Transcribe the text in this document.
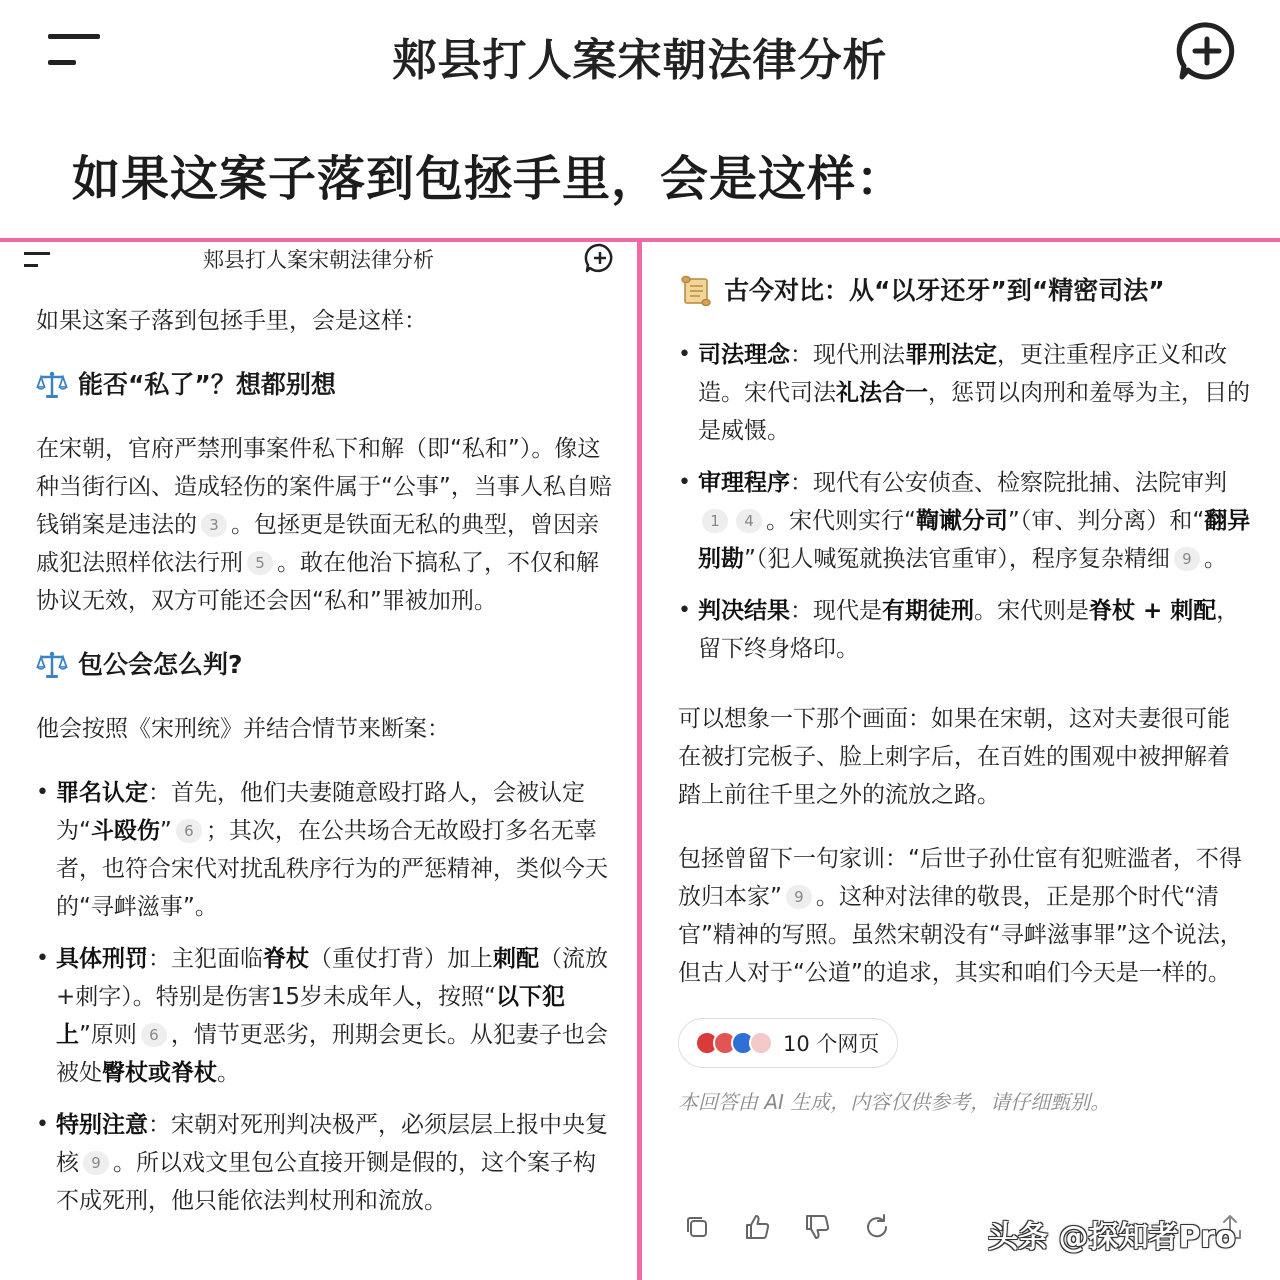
郏县打人案宋朝法律分析
如果这案子落到包拯手里，会是这样：
郏县打人案宋朝法律分析
如果这案子落到包拯手里，会是这样：
能否“私了”？想都别想
在宋朝，官府严禁刑事案件私下和解（即“私和”）。像这种当街行凶、造成轻伤的案件属于“公事”，当事人私自赔钱销案是违法的 3 。包拯更是铁面无私的典型，曾因亲戚犯法照样依法行刑 5 。敢在他治下搞私了，不仅和解协议无效，双方可能还会因“私和”罪被加刑。
包公会怎么判?
他会按照《宋刑统》并结合情节来断案：
• 罪名认定：首先，他们夫妻随意殴打路人，会被认定为“斗殴伤” 6 ；其次，在公共场合无故殴打多名无辜者，也符合宋代对扰乱秩序行为的严惩精神，类似今天的“寻衅滋事”。
• 具体刑罚：主犯面临脊杖（重仗打背）加上刺配（流放+刺字）。特别是伤害15岁未成年人，按照“以下犯上”原则 6 ，情节更恶劣，刑期会更长。从犯妻子也会被处臀杖或脊杖。
• 特别注意：宋朝对死刑判决极严，必须层层上报中央复核 9 。所以戏文里包公直接开铡是假的，这个案子构不成死刑，他只能依法判杖刑和流放。
古今对比：从“以牙还牙”到“精密司法”
• 司法理念：现代刑法罪刑法定，更注重程序正义和改造。宋代司法礼法合一，惩罚以肉刑和羞辱为主，目的是威慑。
• 审理程序：现代有公安侦查、检察院批捕、法院审判1 4 。宋代则实行“鞫谳分司”（审、判分离）和“翻异别勘”（犯人喊冤就换法官重审），程序复杂精细 9 。
• 判决结果：现代是有期徒刑。宋代则是脊杖 + 刺配，留下终身烙印。
可以想象一下那个画面：如果在宋朝，这对夫妻很可能在被打完板子、脸上刺字后，在百姓的围观中被押解着踏上前往千里之外的流放之路。
包拯曾留下一句家训：“后世子孙仕宦有犯赃滥者，不得放归本家” 9 。这种对法律的敬畏，正是那个时代“清官”精神的写照。虽然宋朝没有“寻衅滋事罪”这个说法，但古人对于“公道”的追求，其实和咱们今天是一样的。
10 个网页
本回答由 AI 生成，内容仅供参考，请仔细甄别。
头条 @探知者Pro
